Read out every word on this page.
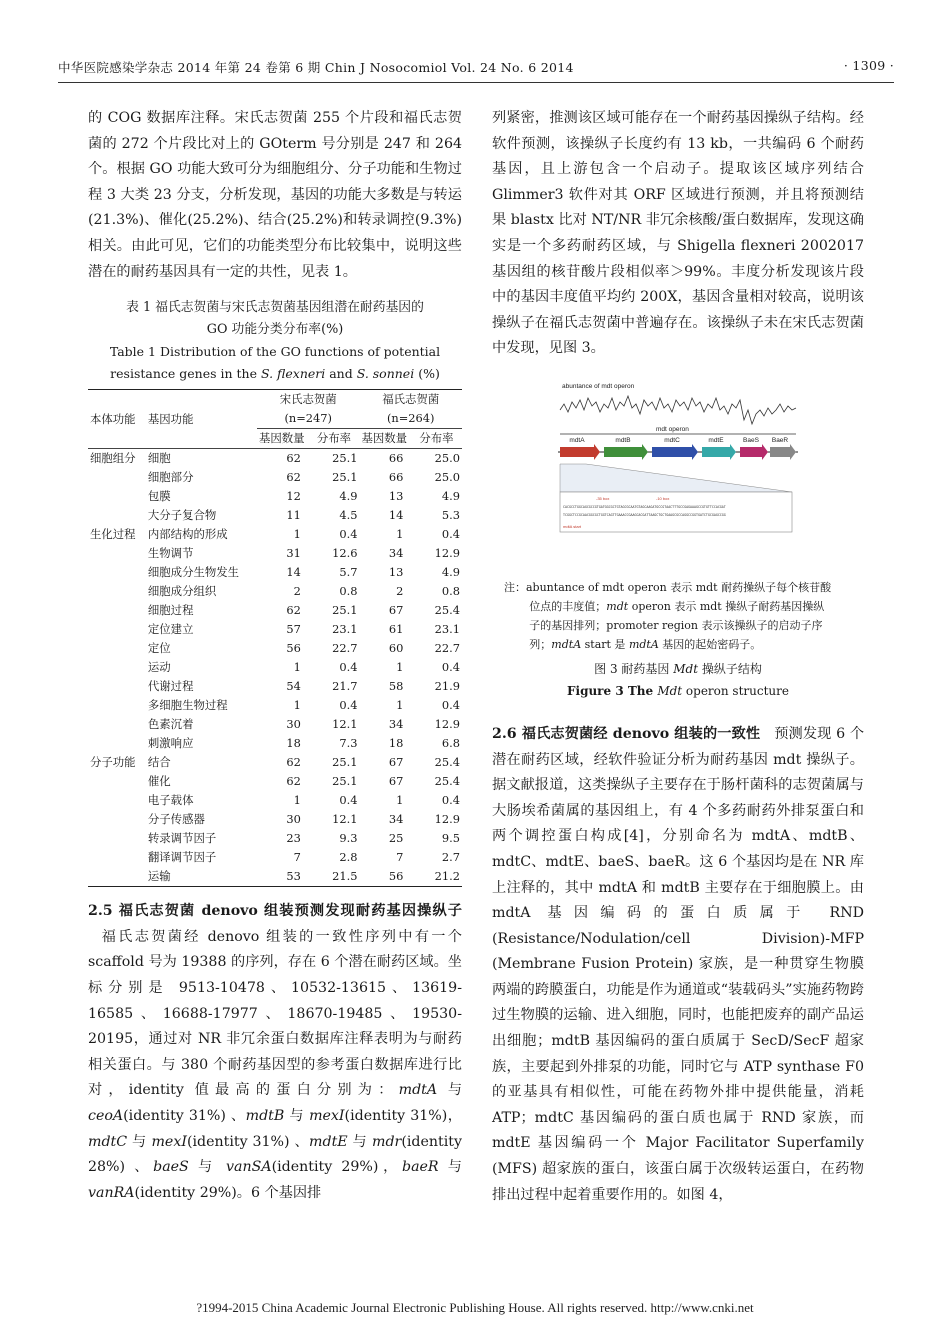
中华医院感染学杂志 2014 年第 24 卷第 6 期 Chin J Nosocomiol Vol. 24 No. 6 2014	· 1309 ·

的 COG 数据库注释。宋氏志贺菌 255 个片段和福氏志贺菌的 272 个片段比对上的 GOterm 号分别是 247 和 264 个。根据 GO 功能大致可分为细胞组分、分子功能和生物过程 3 大类 23 分支，分析发现，基因的功能大多数是与转运(21.3%)、催化(25.2%)、结合(25.2%)和转录调控(9.3%)相关。由此可见，它们的功能类型分布比较集中，说明这些潜在的耐药基因具有一定的共性，见表 1。

表 1 福氏志贺菌与宋氏志贺菌基因组潜在耐药基因的
GO 功能分类分布率(%)
Table 1 Distribution of the GO functions of potential
resistance genes in the S. flexneri and S. sonnei (%)
本体功能	基因功能	宋氏志贺菌		福氏志贺菌	
		(n=247)		(n=264)	
		基因数量	分布率	基因数量	分布率
细胞组分	细胞	62	25.1	66	25.0
	细胞部分	62	25.1	66	25.0
	包膜	12	4.9	13	4.9
	大分子复合物	11	4.5	14	5.3
生化过程	内部结构的形成	1	0.4	1	0.4
	生物调节	31	12.6	34	12.9
	细胞成分生物发生	14	5.7	13	4.9
	细胞成分组织	2	0.8	2	0.8
	细胞过程	62	25.1	67	25.4
	定位建立	57	23.1	61	23.1
	定位	56	22.7	60	22.7
	运动	1	0.4	1	0.4
	代谢过程	54	21.7	58	21.9
	多细胞生物过程	1	0.4	1	0.4
	色素沉着	30	12.1	34	12.9
	刺激响应	18	7.3	18	6.8
分子功能	结合	62	25.1	67	25.4
	催化	62	25.1	67	25.4
	电子载体	1	0.4	1	0.4
	分子传感器	30	12.1	34	12.9
	转录调节因子	23	9.3	25	9.5
	翻译调节因子	7	2.8	7	2.7
	运输	53	21.5	56	21.2

2.5 福氏志贺菌 denovo 组装预测发现耐药基因操纵子   福氏志贺菌经 denovo 组装的一致性序列中有一个 scaffold 号为 19388 的序列，存在 6 个潜在耐药区域。坐标分别是 9513-10478、10532-13615、13619-16585、16688-17977、18670-19485、19530-20195，通过对 NR 非冗余蛋白数据库注释表明为与耐药相关蛋白。与 380 个耐药基因型的参考蛋白数据库进行比对，identity 值最高的蛋白分别为：mdtA 与 ceoA(identity 31%) 、mdtB 与 mexI(identity 31%)，mdtC 与 mexI(identity 31%) 、mdtE 与 mdr(identity 28%) 、baeS 与 vanSA(identity 29%)，baeR 与 vanRA(identity 29%)。6 个基因排

列紧密，推测该区域可能存在一个耐药基因操纵子结构。经软件预测，该操纵子长度约有 13 kb，一共编码 6 个耐药基因，且上游包含一个启动子。提取该区域序列结合 Glimmer3 软件对其 ORF 区域进行预测，并且将预测结果 blastx 比对 NT/NR 非冗余核酸/蛋白数据库，发现这确实是一个多药耐药区域，与 Shigella flexneri 2002017 基因组的核苷酸片段相似率＞99%。丰度分析发现该片段中的基因丰度值平均约 200X，基因含量相对较高，说明该操纵子在福氏志贺菌中普遍存在。该操纵子未在宋氏志贺菌中发现，见图 3。

abuntance of mdt operon
mdt operon
mdtA	mdtB	mdtC	mdtE	BaeS BaeR
-35 box	-10 box
CACGCCTGGCAGCGCCGTGATGGCGCTGTAGCGCAATGTAGCAAGATGCCGTAACTTTGCCGAGAAAGCCGTGTTCCACGAT
TCGGCTCCGCAACGGCGCTGGTCAGTTGAAACCGAAGCACGATTAAGCTGCTGAAGCGCCAGGCCGGTGATCTGCGAGCCGG
mdtA start
注：abuntance of mdt operon 表示 mdt 耐药操纵子每个核苷酸
位点的丰度值；mdt operon 表示 mdt 操纵子耐药基因操纵
子的基因排列；promoter region 表示该操纵子的启动子序
列；mdtA start 是 mdtA 基因的起始密码子。
图 3 耐药基因 Mdt 操纵子结构
Figure 3 The Mdt operon structure

2.6 福氏志贺菌经 denovo 组装的一致性 预测发现 6 个潜在耐药区域，经软件验证分析为耐药基因 mdt 操纵子。据文献报道，这类操纵子主要存在于肠杆菌科的志贺菌属与大肠埃希菌属的基因组上，有 4 个多药耐药外排泵蛋白和两个调控蛋白构成[4]，分别命名为 mdtA、mdtB、mdtC、mdtE、baeS、baeR。这 6 个基因均是在 NR 库上注释的，其中 mdtA 和 mdtB 主要存在于细胞膜上。由 mdtA 基因编码的蛋白质属于 RND (Resistance/Nodulation/cell Division)-MFP (Membrane Fusion Protein) 家族，是一种贯穿生物膜两端的跨膜蛋白，功能是作为通道或“装载码头”实施药物跨过生物膜的运输、进入细胞，同时，也能把废弃的副产品运出细胞；mdtB 基因编码的蛋白质属于 SecD/SecF 超家族，主要起到外排泵的功能，同时它与 ATP synthase F0 的亚基具有相似性，可能在药物外排中提供能量，消耗 ATP；mdtC 基因编码的蛋白质也属于 RND 家族，而 mdtE 基因编码一个 Major Facilitator Superfamily (MFS) 超家族的蛋白，该蛋白属于次级转运蛋白，在药物排出过程中起着重要作用的。如图 4，

?1994-2015 China Academic Journal Electronic Publishing House. All rights reserved. http://www.cnki.net
